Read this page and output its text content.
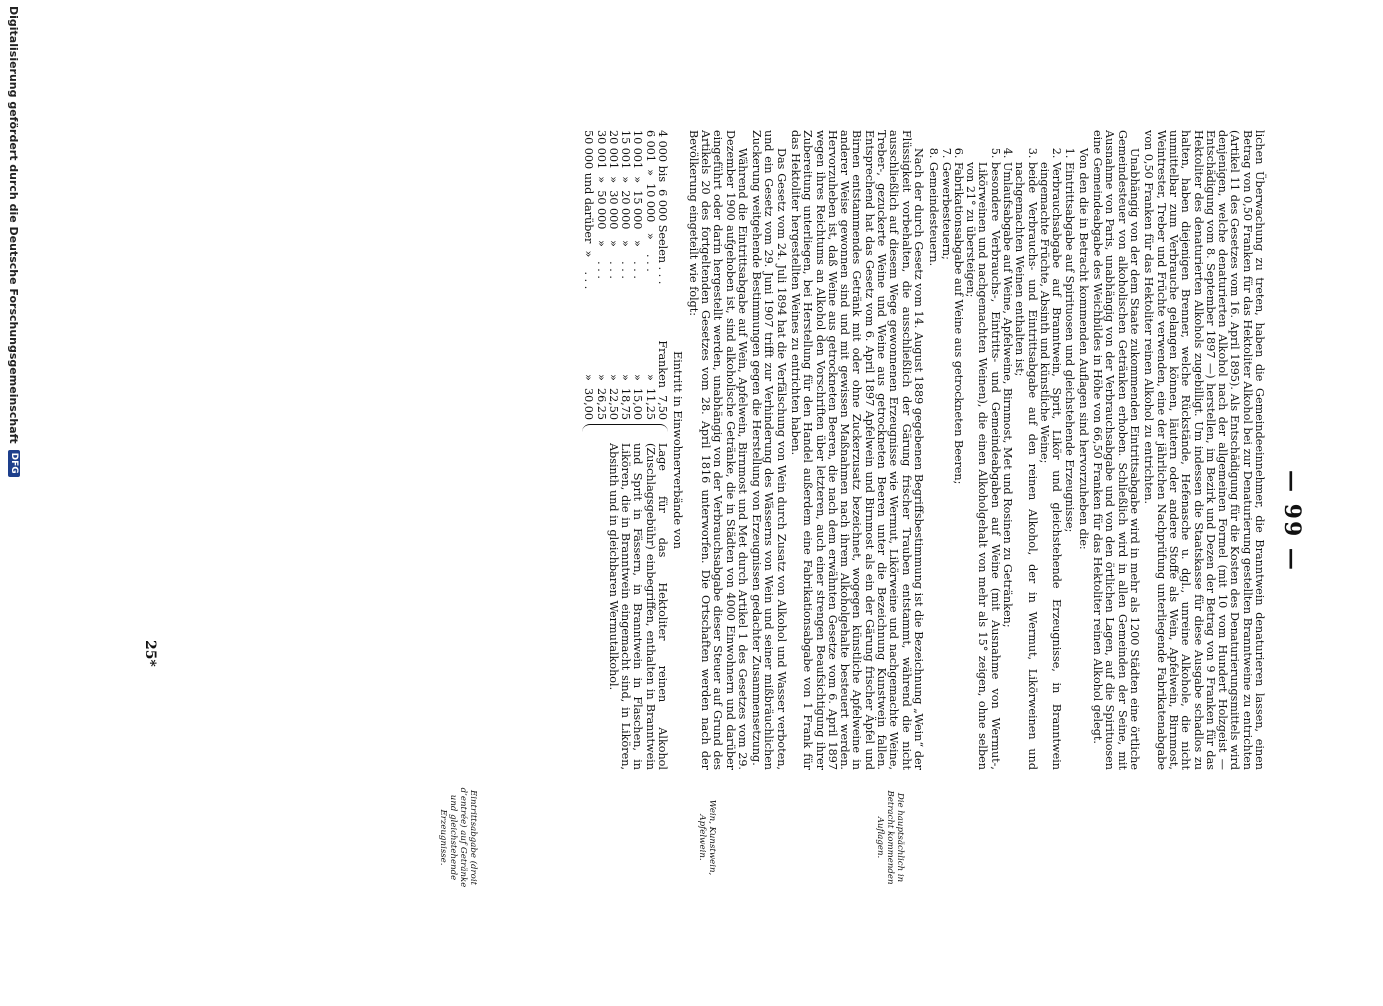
— 99 —

lichen Überwachung zu treten, haben die Gemeindeeinnehmer, die Branntwein denaturieren lassen, einen Betrag von 0,50 Franken für das Hektoliter Alkohol bei zur Denaturierung gestellten Branntweine zu entrichten (Artikel 11 des Gesetzes vom 16. April 1895). Als Entschädigung für die Kosten des Denaturierungsmittels wird denjenigen, welche denaturierten Alkohol nach der allgemeinen Formel (mit 10 vom Hundert Holzgeist — Entschädigung vom 8. September 1897 —) herstellen, im Bezirk und Dezen der Betrag von 9 Franken für das Hektoliter des denaturierten Alkohols zugebilligt. Um indessen die Staatskasse für diese Ausgabe schadlos zu halten, haben diejenigen Brenner, welche Rückstände, Hefenasche u. dgl., unreine Alkohole, die nicht unmittelbar zum Verbrauche gelangen können, läutern oder andere Stoffe als Wein, Apfelwein, Birnmost, Weintrester, Treber und Früchte verwenden, eine der jährlichen Nachprüfung unterliegende Fabrikatenabgabe von 0,50 Franken für das Hektoliter reinen Alkohol zu entrichten.

Unabhängig von der dem Staate zukommenden Eintrittsabgabe wird in mehr als 1200 Städten eine örtliche Gemeindesteuer von alkoholischen Getränken erhoben. Schließlich wird in allen Gemeinden der Seine, mit Ausnahme von Paris, unabhängig von der Verbrauchsabgabe und von den örtlichen Lagen, auf die Spirituosen eine Gemeindeabgabe des Weichbildes in Höhe von 66,50 Franken für das Hektoliter reinen Alkohol gelegt.

Von den die in Betracht kommenden Auflagen sind hervorzuheben die:

1. Eintrittsabgabe auf Spirituosen und gleichstehende Erzeugnisse;
2. Verbrauchsabgabe auf Branntwein, Sprit, Likör und gleichstehende Erzeugnisse, in Branntwein eingemachte Früchte, Absinth und künstliche Weine;
3. beide Verbrauchs- und Eintrittsabgabe auf den reinen Alkohol, der in Wermut, Likörweinen und nachgemachten Weinen enthalten ist;
4. Umlaufsabgabe auf Weine, Apfelweine, Birnmost, Met und Rosinen zu Getränken;
5. besondere Verbrauchs-, Eintritts- und Gemeindeabgaben auf Weine (mit Ausnahme von Wermut-, Likörweinen und nachgemachten Weinen), die einen Alkoholgehalt von mehr als 15° zeigen, ohne selben von 21° zu übersteigen;
6. Fabrikationsabgabe auf Weine aus getrockneten Beeren;
7. Gewerbesteuern;
8. Gemeindesteuern.

Nach der durch Gesetz vom 14. August 1889 gegebenen Begriffsbestimmung ist die Bezeichnung „Wein“ der Flüssigkeit vorbehalten, die ausschließlich der Gärung frischer Trauben entstammt, während die nicht ausschließlich auf diesem Wege gewonnenen Erzeugnisse wie Wermut, Likörweine und nachgemachte Weine, Treber-, gezuckerte Weine und Weine aus getrockneten Beeren unter die Bezeichnung Kunstwein fallen. Entsprechend hat das Gesetz vom 6. April 1897 Apfelwein und Birnmost als ein der Gärung frischer Äpfel und Birnen entstammendes Getränk mit oder ohne Zuckerzusatz bezeichnet, wogegen künstliche Apfelweine in anderer Weise gewonnen sind und mit gewissen Maßnahmen nach ihrem Alkoholgehalte besteuert werden. Hervorzuheben ist, daß Weine aus getrockneten Beeren, die nach dem erwähnten Gesetze vom 6. April 1897 wegen ihres Reichtums an Alkohol den Vorschriften über letzteren, auch einer strengen Beaufsichtigung ihrer Zubereitung unterliegen, bei Herstellung für den Handel außerdem eine Fabrikationsabgabe von 1 Frank für das Hektoliter hergestellten Weines zu entrichten haben.

Das Gesetz vom 24. Juli 1894 hat die Verfälschung von Wein durch Zusatz von Alkohol und Wasser verboten, und ein Gesetz vom 29. Juni 1907 trifft zur Verhinderung des Wässerns von Wein und seiner mißbräuchlichen Zuckerung weitgehende Bestimmungen gegen die Herstellung von Erzeugnissen gedachter Zusammensetzung.

Während die Eintrittsabgabe auf Wein, Apfelwein, Birnmost und Met durch Artikel 1 des Gesetzes vom 29. Dezember 1900 aufgehoben ist, sind alkoholische Getränke, die in Städten von 4000 Einwohnern und darüber eingeführt oder darin hergestellt werden, unabhängig von der Verbrauchsabgabe dieser Steuer auf Grund des Artikels 20 des fortgeltenden Gesetzes vom 28. April 1816 unterworfen. Die Ortschaften werden nach der Bevölkerung eingeteilt wie folgt:

Eintritt in Einwohnerverbände von

4 000 bis  6 000 Seelen . . .
Franken  7,50
6 001  »  10 000   »    . . .
»  11,25
10 001  »  15 000   »    . . .
»  15,00
15 001  »  20 000   »    . . .
»  18,75
20 001  »  30 000   »    . . .
»  22,50
30 001  »  50 000   »    . . .
»  26,25
50 000 und darüber  »    . . .
»  30,00
Lage für das Hektoliter reinen Alkohol (Zuschlagsgebühr) einbegriffen, enthalten in Branntwein und Sprit in Fässern, in Branntwein in Flaschen, in Likören, die in Branntwein eingemacht sind, in Likören, Absinth und in gleichbaren Wermutalkohol.
Die hauptsächlich in Betracht kommenden Auflagen.
Wein, Kunstwein, Apfelwein.
Eintrittsabgabe (droit d’entrée) auf Getränke und gleichstehende Erzeugnisse.
25*
Digitalisierung gefördert durch die Deutsche Forschungsgemeinschaft
DFG
